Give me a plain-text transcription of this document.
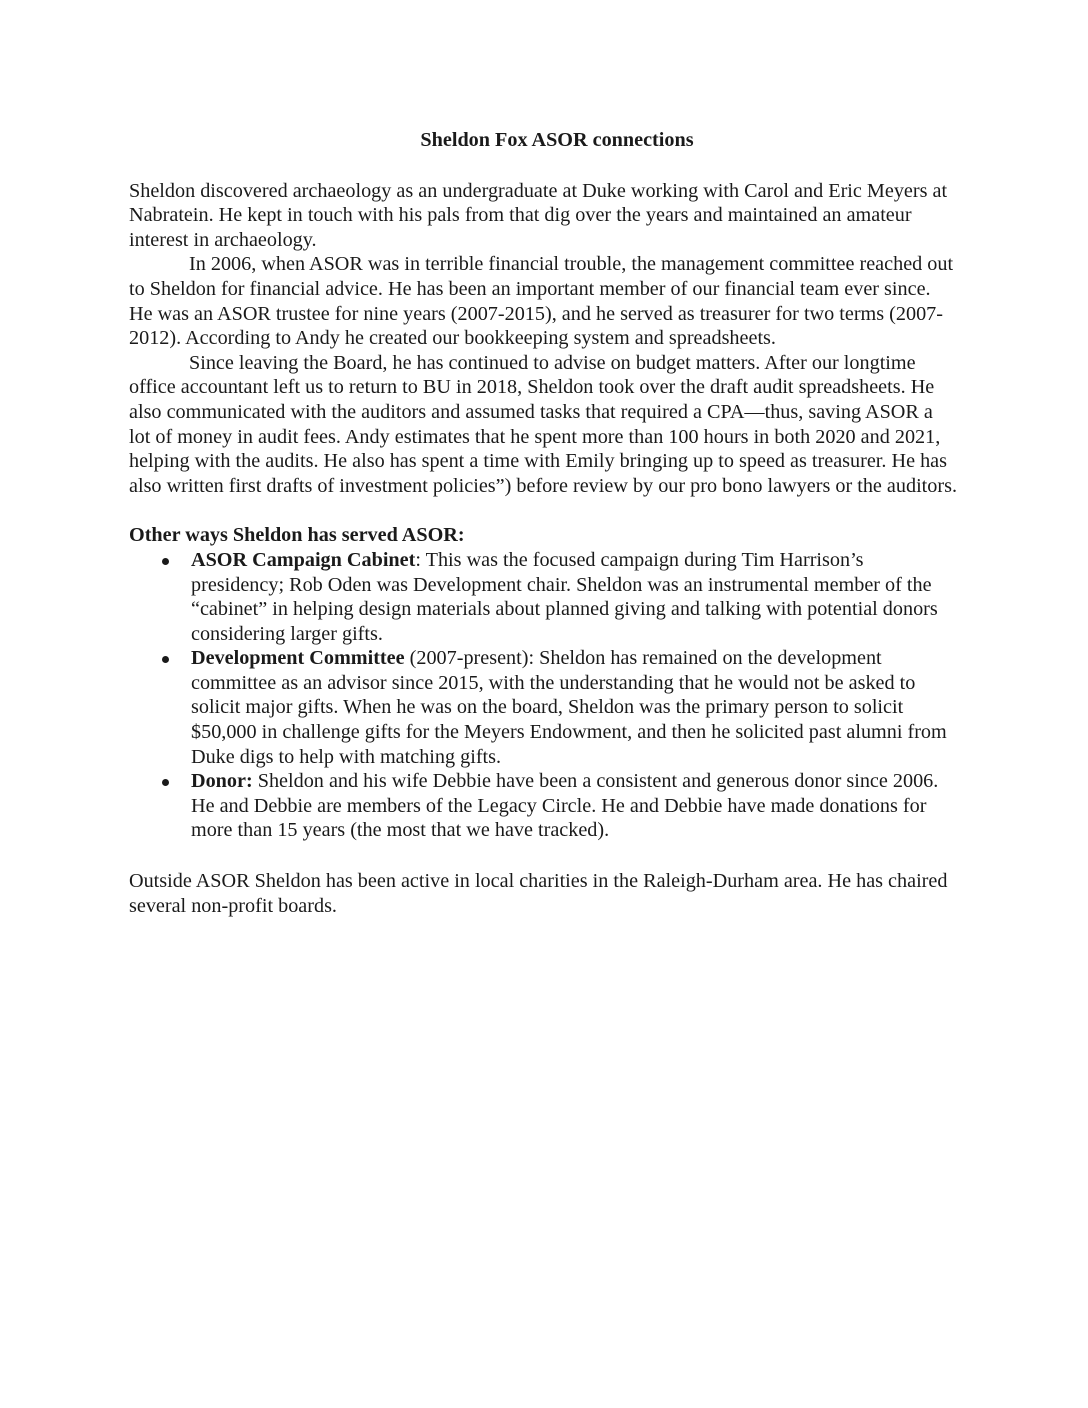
Sheldon Fox ASOR connections

Sheldon discovered archaeology as an undergraduate at Duke working with Carol and Eric Meyers at Nabratein. He kept in touch with his pals from that dig over the years and maintained an amateur interest in archaeology.

In 2006, when ASOR was in terrible financial trouble, the management committee reached out to Sheldon for financial advice. He has been an important member of our financial team ever since. He was an ASOR trustee for nine years (2007-2015), and he served as treasurer for two terms (2007-2012). According to Andy he created our bookkeeping system and spreadsheets.

Since leaving the Board, he has continued to advise on budget matters. After our longtime office accountant left us to return to BU in 2018, Sheldon took over the draft audit spreadsheets. He also communicated with the auditors and assumed tasks that required a CPA—thus, saving ASOR a lot of money in audit fees. Andy estimates that he spent more than 100 hours in both 2020 and 2021, helping with the audits. He also has spent a time with Emily bringing up to speed as treasurer. He has also written first drafts of investment policies”) before review by our pro bono lawyers or the auditors.

Other ways Sheldon has served ASOR:
ASOR Campaign Cabinet: This was the focused campaign during Tim Harrison’s presidency; Rob Oden was Development chair. Sheldon was an instrumental member of the “cabinet” in helping design materials about planned giving and talking with potential donors considering larger gifts.
Development Committee (2007-present): Sheldon has remained on the development committee as an advisor since 2015, with the understanding that he would not be asked to solicit major gifts. When he was on the board, Sheldon was the primary person to solicit $50,000 in challenge gifts for the Meyers Endowment, and then he solicited past alumni from Duke digs to help with matching gifts.
Donor: Sheldon and his wife Debbie have been a consistent and generous donor since 2006. He and Debbie are members of the Legacy Circle. He and Debbie have made donations for more than 15 years (the most that we have tracked).

Outside ASOR Sheldon has been active in local charities in the Raleigh-Durham area. He has chaired several non-profit boards.
